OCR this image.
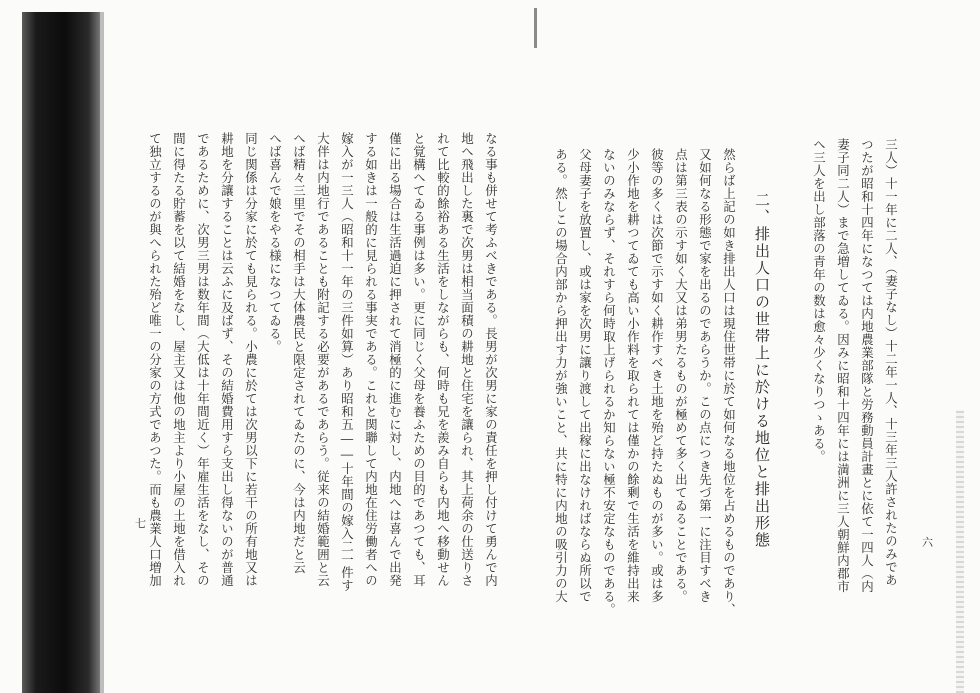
六
七	二、排出人口の世帯上に於ける地位と排出形態	三人）十一年に二人、（妻子なし）十二年一人、十三年三人許されたのみであ
つたが昭和十四年になつては内地農業部隊と労務動員計畫とに依て一四人（内
妻子同二人）まで急増してゐる。因みに昭和十四年には満洲に三人朝鮮内郡市
へ三人を出し部落の青年の数は愈々少くなりつゝある。
然らば上記の如き排出人口は現住世帯に於て如何なる地位を占めるものであり、
又如何なる形態で家を出るのであらうか。この点につき先づ第一に注目すべき
点は第三表の示す如く大又は弟男たるものが極めて多く出てゐることである。
彼等の多くは次節で示す如く耕作すべき土地を殆ど持たぬものが多い。或は多
少小作地を耕つてゐても高い小作料を取られては僅かの餘剰で生活を維持出来
ないのみならず、それすら何時取上げられるか知らない極不安定なものである。
父母妻子を放置し、或は家を次男に讓り渡して出稼に出なければならぬ所以で
ある。然しこの場合内部から押出す力が強いこと、共に特に内地の吸引力の大
なる事も併せて考ふべきである。長男が次男に家の責任を押し付けて勇んで内
地へ飛出した裏で次男は相当面積の耕地と住宅を讓られ、其上荷余の仕送りさ
れて比較的餘裕ある生活をしながらも、何時も兄を羨み自らも内地へ移動せん
と覚構へてゐる事例は多い。更に同じく父母を養ふための目的であつても、耳
僅に出る場合は生活過迫に押されて消極的に進むに対し、内地へは喜んで出発
する如きは一般的に見られる事実である。これと関聯して内地在住労働者への
嫁入が一三人（昭和十一年の三件如算）あり昭和五――十年間の嫁入二一件す
大伴は内地行であることも附記する必要があるであらう。従来の結婚範囲と云
へば精々三里でその相手は大体農民と限定されてゐたのに、今は内地だと云
へば喜んで娘をやる様になつてゐる。
同じ関係は分家に於ても見られる。小農に於ては次男以下に若干の所有地又は
耕地を分讓することは云ふに及ばず、その結婚費用すら支出し得ないのが普通
であるために、次男三男は数年間（大低は十年間近く）年雇生活をなし、その
間に得たる貯蓄を以て結婚をなし、屋主又は他の地主より小屋の土地を借入れ
て独立するのが與へられた殆ど唯一の分家の方式であつた。而も農業人口増加
